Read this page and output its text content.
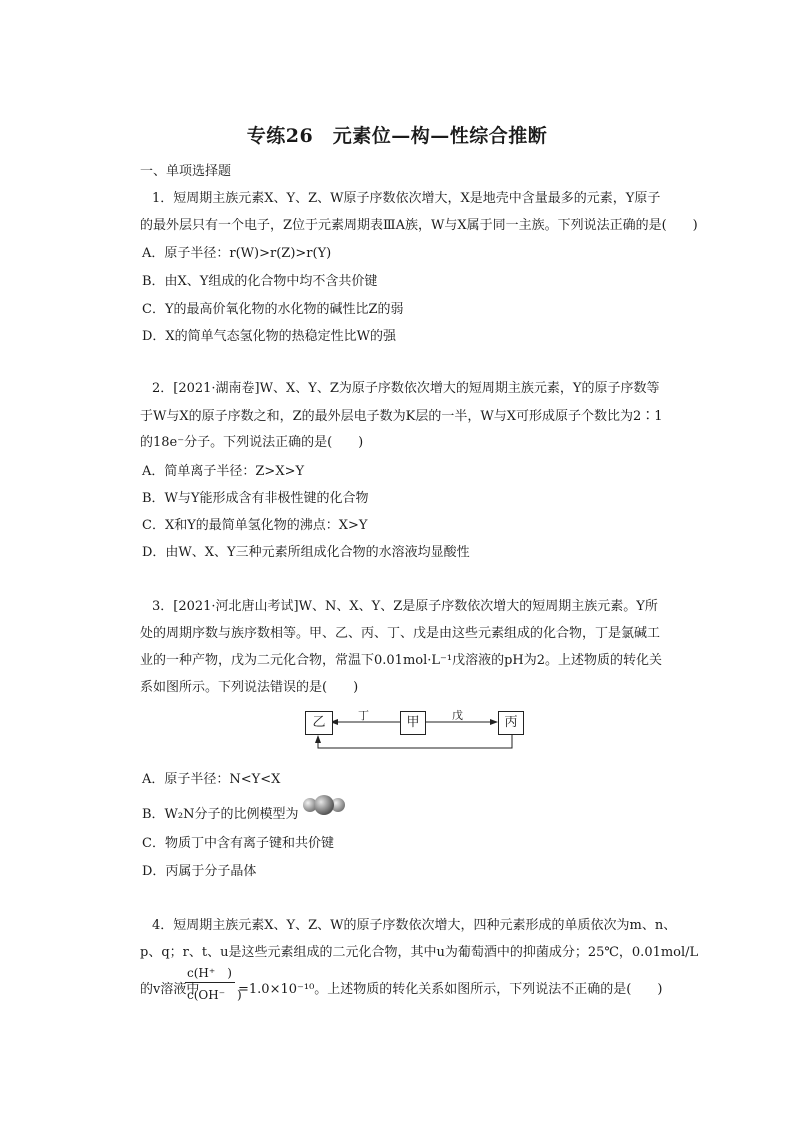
专练26　元素位—构—性综合推断
一、单项选择题
1．短周期主族元素X、Y、Z、W原子序数依次增大，X是地壳中含量最多的元素，Y原子
的最外层只有一个电子，Z位于元素周期表ⅢA族，W与X属于同一主族。下列说法正确的是(　　)
A．原子半径：r(W)>r(Z)>r(Y)
B．由X、Y组成的化合物中均不含共价键
C．Y的最高价氧化物的水化物的碱性比Z的弱
D．X的简单气态氢化物的热稳定性比W的强
2．[2021·湖南卷]W、X、Y、Z为原子序数依次增大的短周期主族元素，Y的原子序数等
于W与X的原子序数之和，Z的最外层电子数为K层的一半，W与X可形成原子个数比为2∶1
的18e⁻分子。下列说法正确的是(　　)
A．简单离子半径：Z>X>Y
B．W与Y能形成含有非极性键的化合物
C．X和Y的最简单氢化物的沸点：X>Y
D．由W、X、Y三种元素所组成化合物的水溶液均显酸性
3．[2021·河北唐山考试]W、N、X、Y、Z是原子序数依次增大的短周期主族元素。Y所
处的周期序数与族序数相等。甲、乙、丙、丁、戊是由这些元素组成的化合物，丁是氯碱工
业的一种产物，戊为二元化合物，常温下0.01mol·L⁻¹戊溶液的pH为2。上述物质的转化关
系如图所示。下列说法错误的是(　　)
乙	甲	丙
丁	戊
A．原子半径：N<Y<X
B．W₂N分子的比例模型为
C．物质丁中含有离子键和共价键
D．丙属于分子晶体
4．短周期主族元素X、Y、Z、W的原子序数依次增大，四种元素形成的单质依次为m、n、
p、q；r、t、u是这些元素组成的二元化合物，其中u为葡萄酒中的抑菌成分；25℃，0.01mol/L
的v溶液中
c(H⁺　)
c(OH⁻　)
=1.0×10⁻¹⁰。上述物质的转化关系如图所示，下列说法不正确的是(　　)
